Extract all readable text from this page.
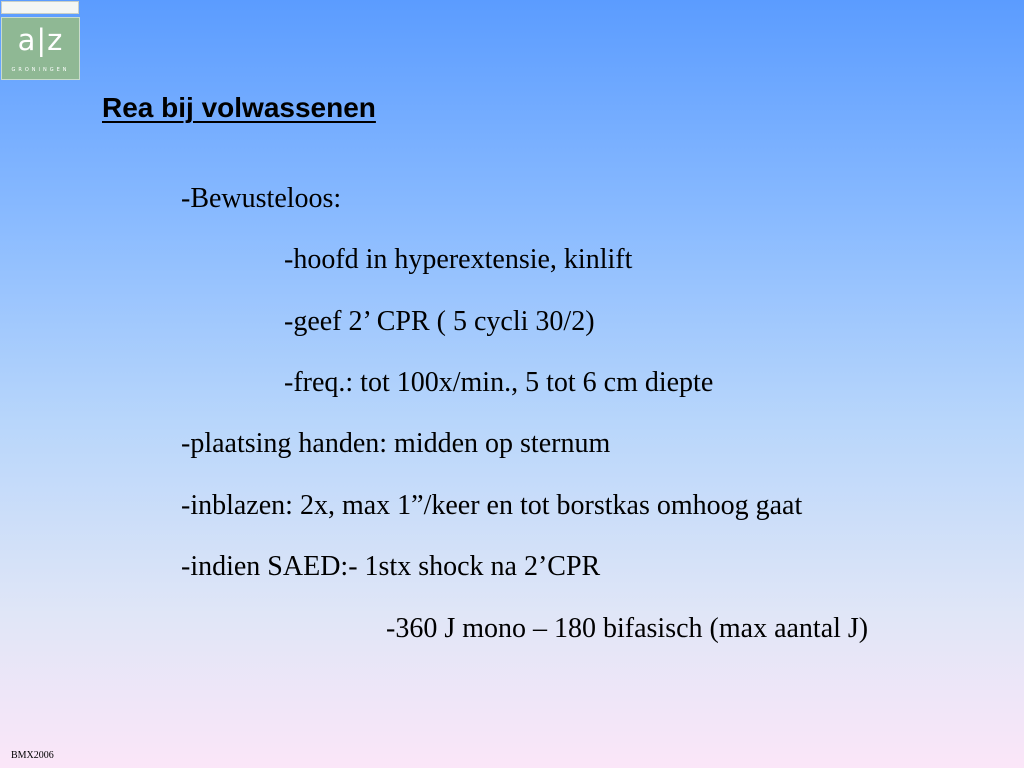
a|z
GRONINGEN
Rea bij volwassenen
-Bewusteloos:
-hoofd in hyperextensie, kinlift
-geef 2’ CPR ( 5 cycli 30/2)
-freq.: tot 100x/min., 5 tot 6 cm diepte
-plaatsing handen: midden op sternum
-inblazen: 2x, max 1”/keer en tot borstkas omhoog gaat
-indien SAED:- 1stx shock na 2’CPR
-360 J mono – 180 bifasisch (max aantal J)
BMX2006
